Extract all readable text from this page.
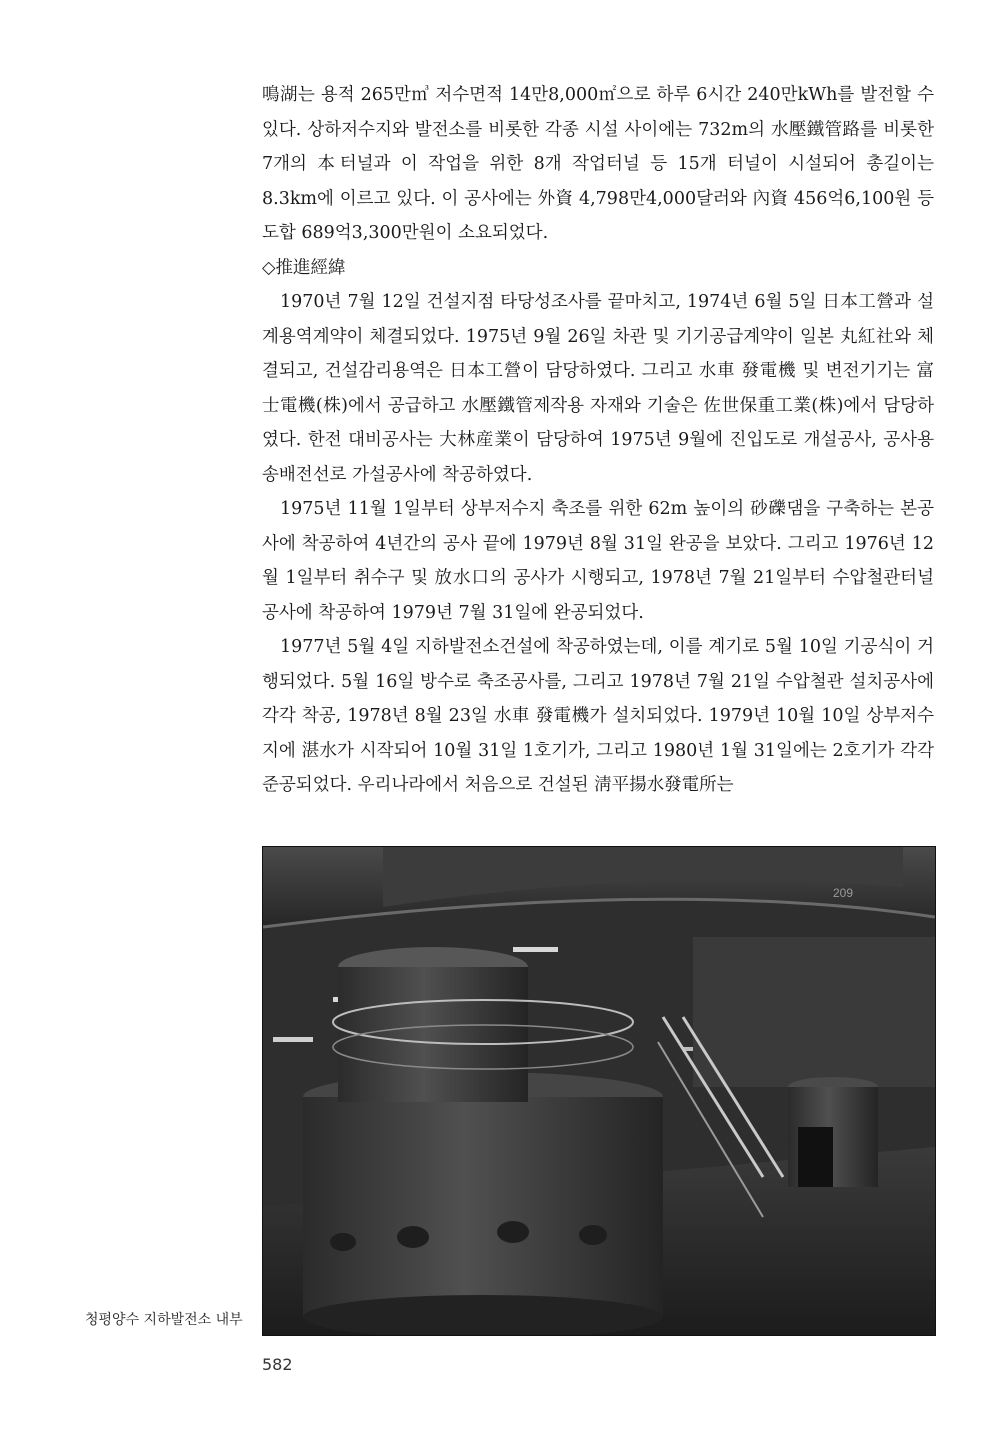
鳴湖는 용적 265만㎥ 저수면적 14만8,000㎡으로 하루 6시간 240만kWh를 발전할 수 있다. 상하저수지와 발전소를 비롯한 각종 시설 사이에는 732m의 水壓鐵管路를 비롯한 7개의 本터널과 이 작업을 위한 8개 작업터널 등 15개 터널이 시설되어 총길이는 8.3km에 이르고 있다. 이 공사에는 外資 4,798만4,000달러와 內資 456억6,100원 등 도합 689억3,300만원이 소요되었다.

◇推進經緯

1970년 7월 12일 건설지점 타당성조사를 끝마치고, 1974년 6월 5일 日本工營과 설계용역계약이 체결되었다. 1975년 9월 26일 차관 및 기기공급계약이 일본 丸紅社와 체결되고, 건설감리용역은 日本工營이 담당하였다. 그리고 水車 發電機 및 변전기기는 富士電機(株)에서 공급하고 水壓鐵管제작용 자재와 기술은 佐世保重工業(株)에서 담당하였다. 한전 대비공사는 大林産業이 담당하여 1975년 9월에 진입도로 개설공사, 공사용 송배전선로 가설공사에 착공하였다.

1975년 11월 1일부터 상부저수지 축조를 위한 62m 높이의 砂礫댐을 구축하는 본공사에 착공하여 4년간의 공사 끝에 1979년 8월 31일 완공을 보았다. 그리고 1976년 12월 1일부터 취수구 및 放水口의 공사가 시행되고, 1978년 7월 21일부터 수압철관터널공사에 착공하여 1979년 7월 31일에 완공되었다.

1977년 5월 4일 지하발전소건설에 착공하였는데, 이를 계기로 5월 10일 기공식이 거행되었다. 5월 16일 방수로 축조공사를, 그리고 1978년 7월 21일 수압철관 설치공사에 각각 착공, 1978년 8월 23일 水車 發電機가 설치되었다. 1979년 10월 10일 상부저수지에 湛水가 시작되어 10월 31일 1호기가, 그리고 1980년 1월 31일에는 2호기가 각각 준공되었다. 우리나라에서 처음으로 건설된 淸平揚水發電所는

209
청평양수 지하발전소 내부
582
